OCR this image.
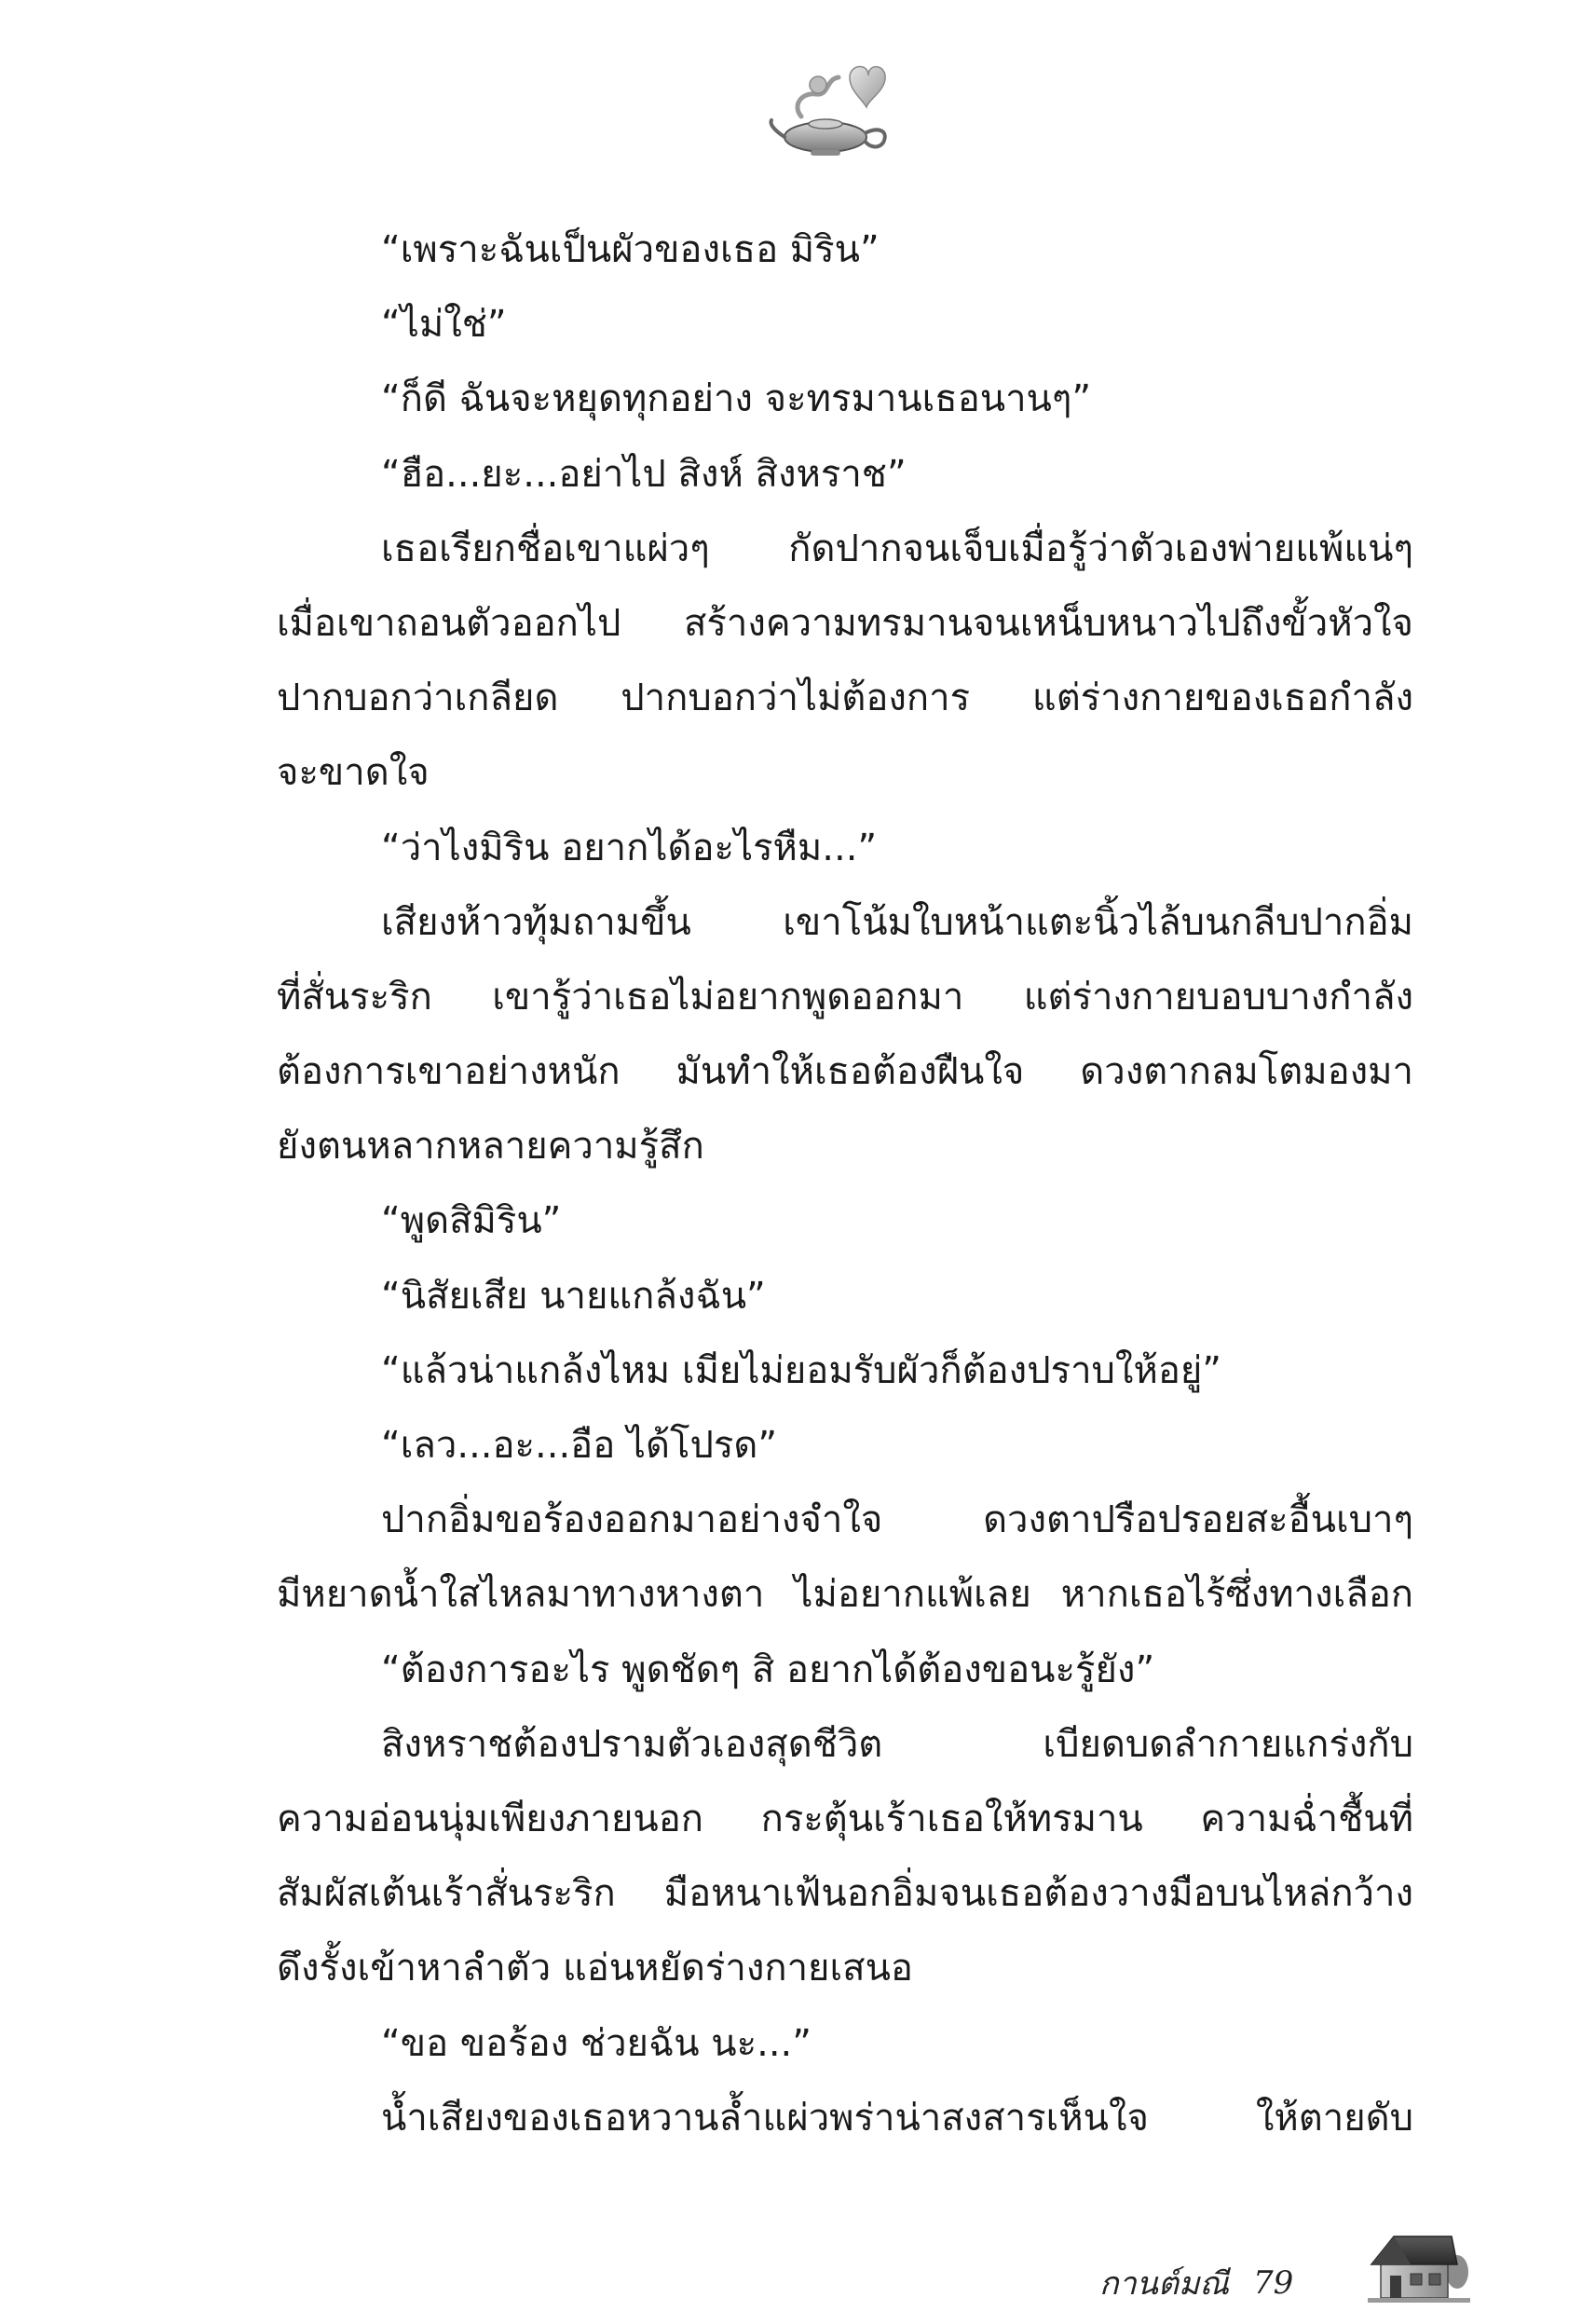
“เพราะฉันเป็นผัวของเธอ มิริน”
“ไม่ใช่”
“ก็ดี ฉันจะหยุดทุกอย่าง จะทรมานเธอนานๆ”
“ฮือ...ยะ...อย่าไป สิงห์ สิงหราช”
เธอเรียกชื่อเขาแผ่วๆ กัดปากจนเจ็บเมื่อรู้ว่าตัวเองพ่ายแพ้แน่ๆ
เมื่อเขาถอนตัวออกไป สร้างความทรมานจนเหน็บหนาวไปถึงขั้วหัวใจ
ปากบอกว่าเกลียด ปากบอกว่าไม่ต้องการ แต่ร่างกายของเธอกำลัง
จะขาดใจ
“ว่าไงมิริน อยากได้อะไรหืม...”
เสียงห้าวทุ้มถามขึ้น เขาโน้มใบหน้าแตะนิ้วไล้บนกลีบปากอิ่ม
ที่สั่นระริก เขารู้ว่าเธอไม่อยากพูดออกมา แต่ร่างกายบอบบางกำลัง
ต้องการเขาอย่างหนัก มันทำให้เธอต้องฝืนใจ ดวงตากลมโตมองมา
ยังตนหลากหลายความรู้สึก
“พูดสิมิริน”
“นิสัยเสีย นายแกล้งฉัน”
“แล้วน่าแกล้งไหม เมียไม่ยอมรับผัวก็ต้องปราบให้อยู่”
“เลว...อะ...อือ ได้โปรด”
ปากอิ่มขอร้องออกมาอย่างจำใจ ดวงตาปรือปรอยสะอื้นเบาๆ
มีหยาดน้ำใสไหลมาทางหางตา ไม่อยากแพ้เลย หากเธอไร้ซึ่งทางเลือก
“ต้องการอะไร พูดชัดๆ สิ อยากได้ต้องขอนะรู้ยัง”
สิงหราชต้องปรามตัวเองสุดชีวิต เบียดบดลำกายแกร่งกับ
ความอ่อนนุ่มเพียงภายนอก กระตุ้นเร้าเธอให้ทรมาน ความฉ่ำชื้นที่
สัมผัสเต้นเร้าสั่นระริก มือหนาเฟ้นอกอิ่มจนเธอต้องวางมือบนไหล่กว้าง
ดึงรั้งเข้าหาลำตัว แอ่นหยัดร่างกายเสนอ
“ขอ ขอร้อง ช่วยฉัน นะ...”
น้ำเสียงของเธอหวานล้ำแผ่วพร่าน่าสงสารเห็นใจ ให้ตายดับ
กานต์มณี 79
